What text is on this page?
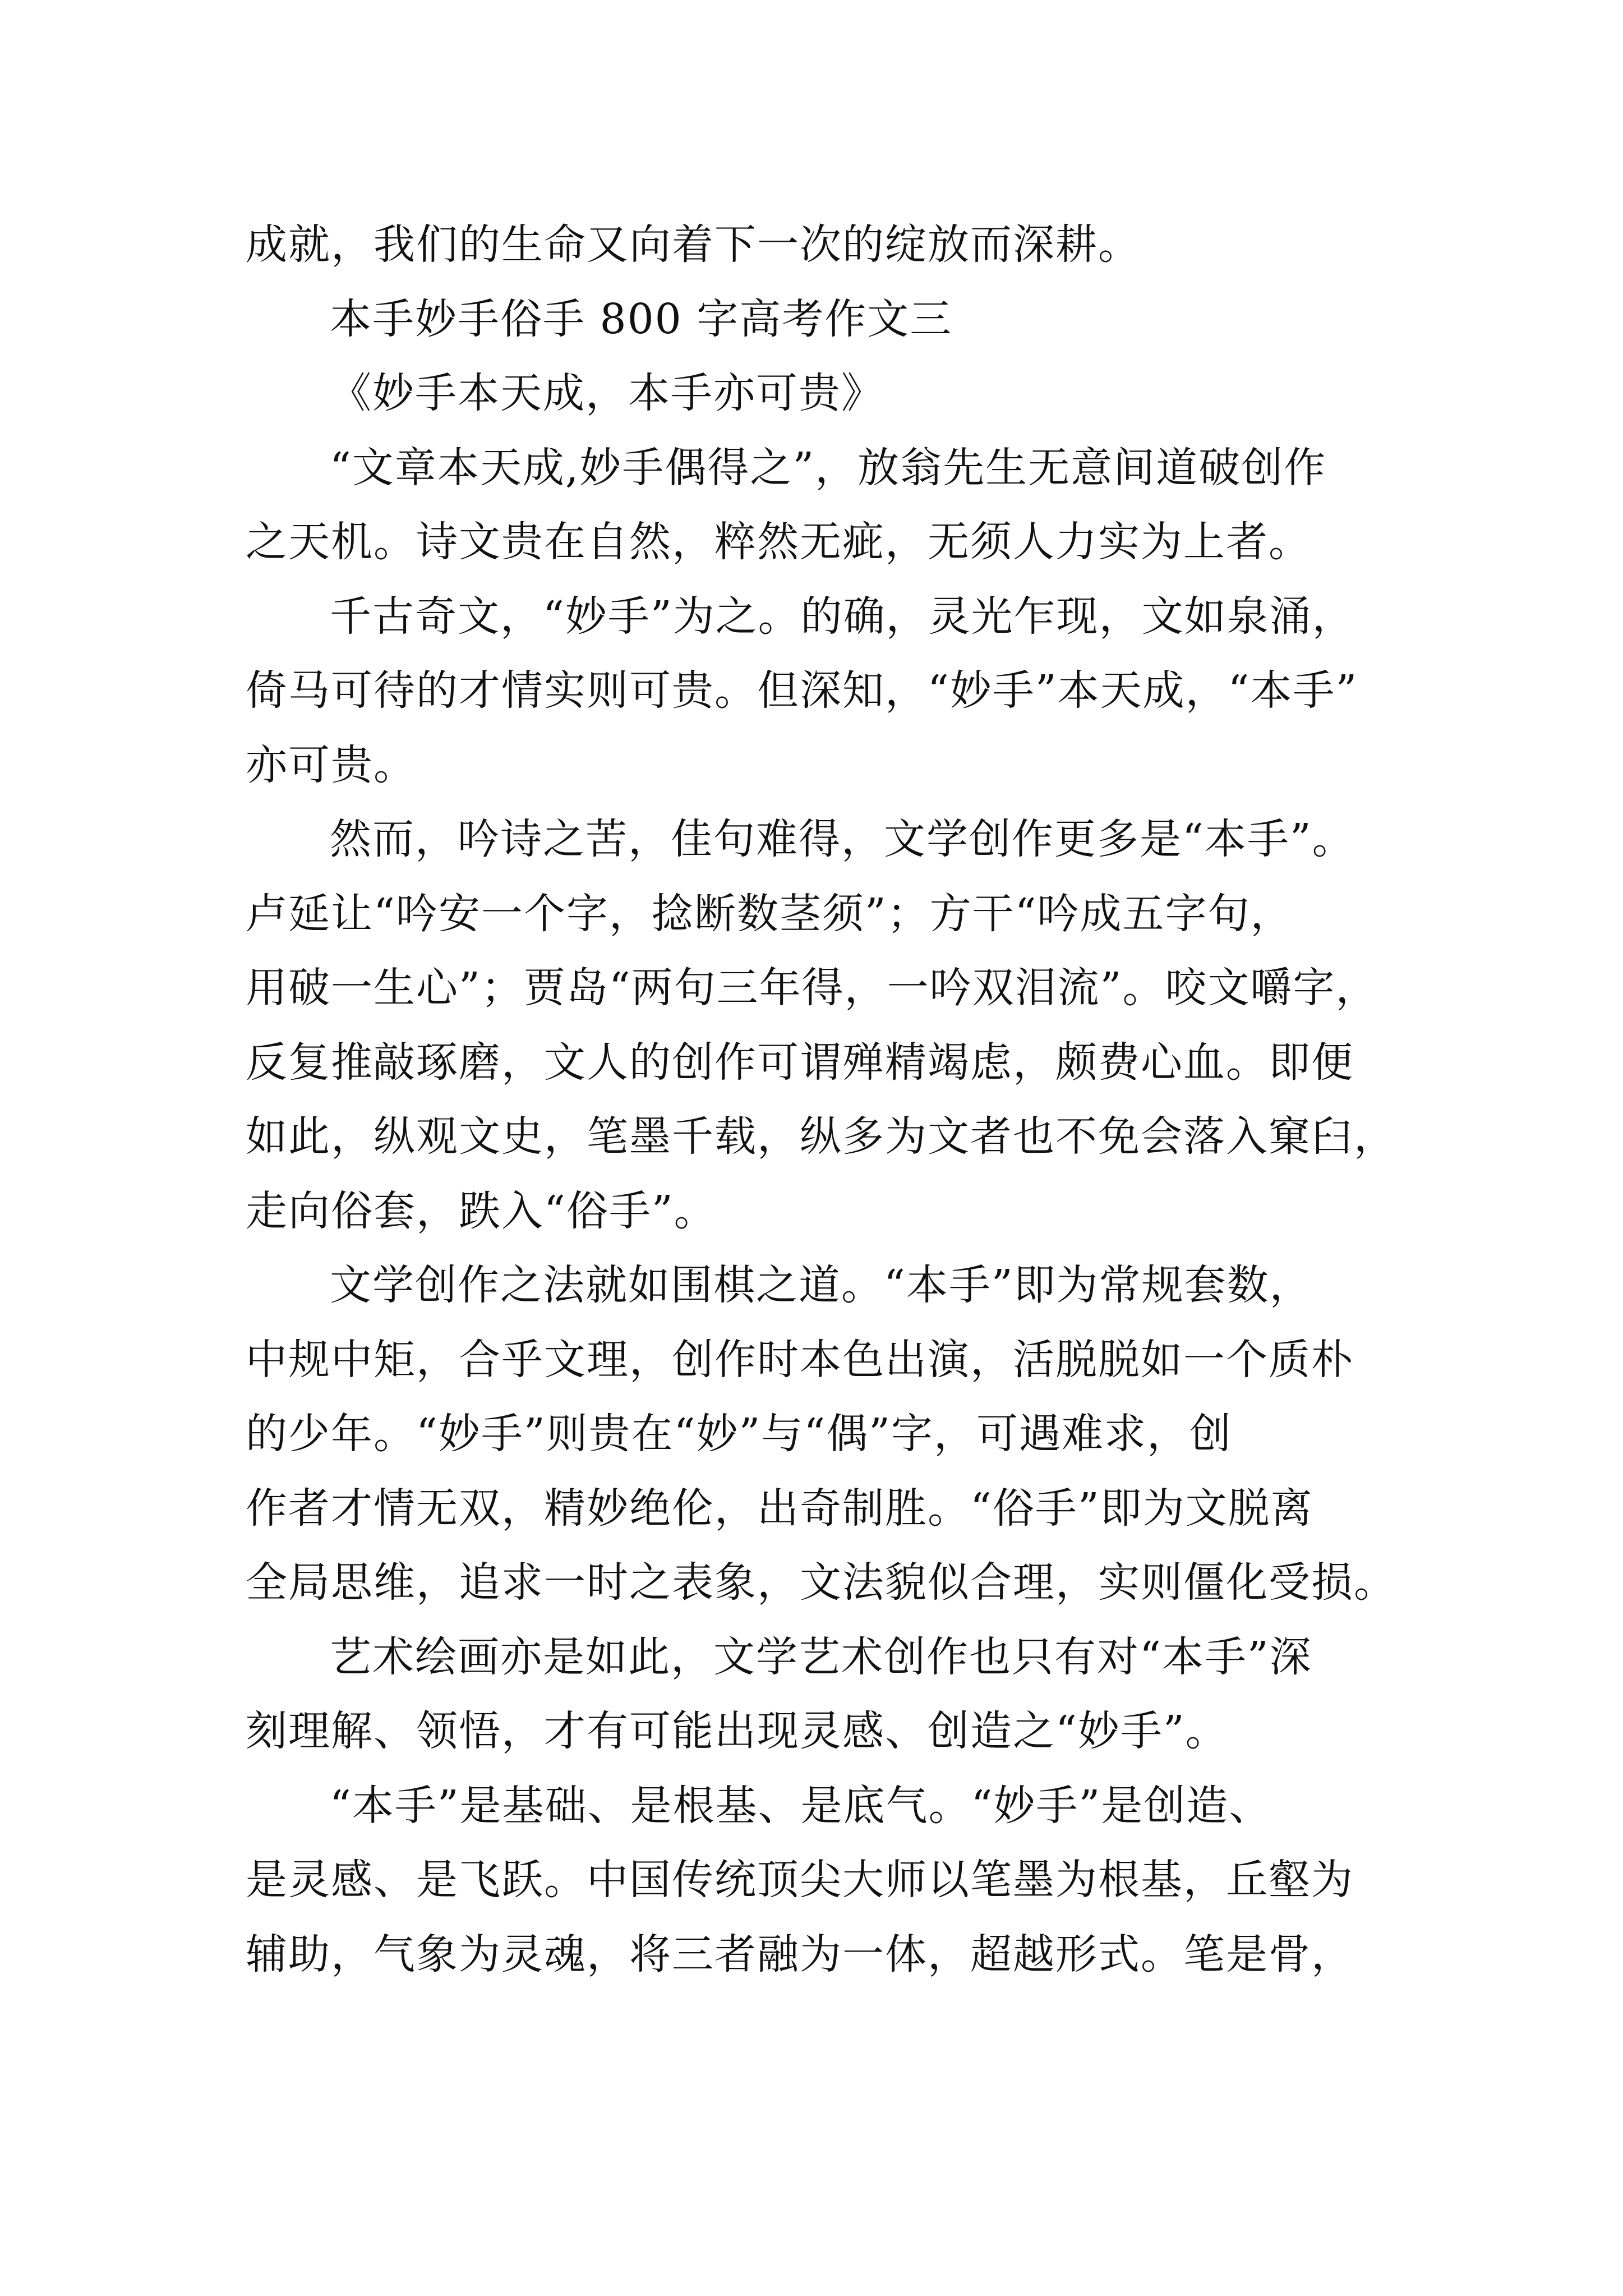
成就，我们的生命又向着下一次的绽放而深耕。
本手妙手俗手 800 字高考作文三
《妙手本天成，本手亦可贵》
“文章本天成,妙手偶得之”，放翁先生无意间道破创作
之天机。诗文贵在自然，粹然无疵，无须人力实为上者。
千古奇文，“妙手”为之。的确，灵光乍现，文如泉涌，
倚马可待的才情实则可贵。但深知，“妙手”本天成，“本手”
亦可贵。
然而，吟诗之苦，佳句难得，文学创作更多是“本手”。
卢延让“吟安一个字，捻断数茎须”；方干“吟成五字句，
用破一生心”；贾岛“两句三年得，一吟双泪流”。咬文嚼字，
反复推敲琢磨，文人的创作可谓殚精竭虑，颇费心血。即便
如此，纵观文史，笔墨千载，纵多为文者也不免会落入窠臼，
走向俗套，跌入“俗手”。
文学创作之法就如围棋之道。“本手”即为常规套数，
中规中矩，合乎文理，创作时本色出演，活脱脱如一个质朴
的少年。“妙手”则贵在“妙”与“偶”字，可遇难求，创
作者才情无双，精妙绝伦，出奇制胜。“俗手”即为文脱离
全局思维，追求一时之表象，文法貌似合理，实则僵化受损。
艺术绘画亦是如此，文学艺术创作也只有对“本手”深
刻理解、领悟，才有可能出现灵感、创造之“妙手”。
“本手”是基础、是根基、是底气。“妙手”是创造、
是灵感、是飞跃。中国传统顶尖大师以笔墨为根基，丘壑为
辅助，气象为灵魂，将三者融为一体，超越形式。笔是骨，
